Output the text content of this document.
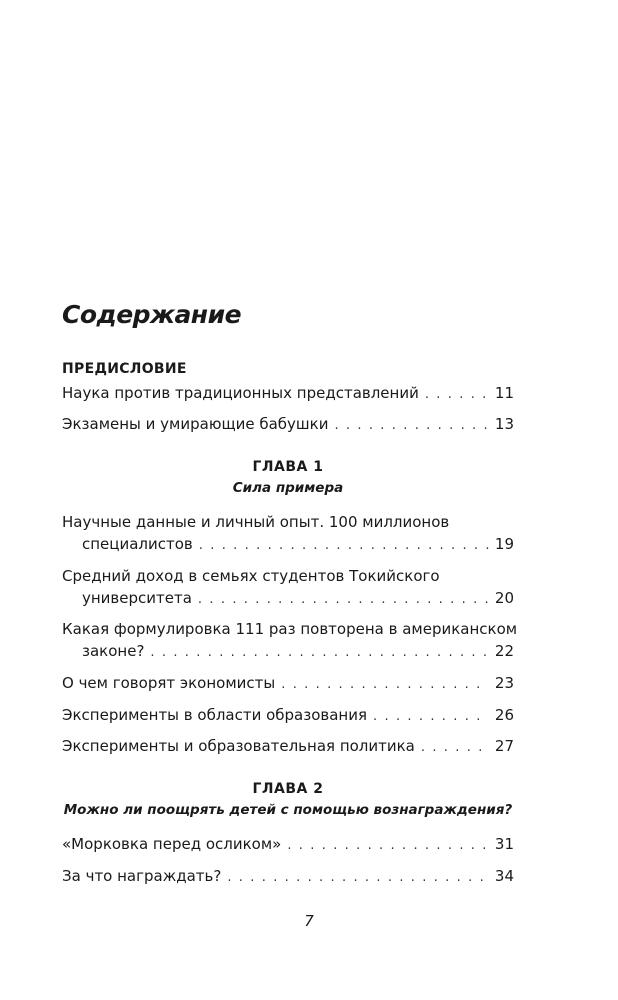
Содержание
ПРЕДИСЛОВИЕ
Наука против традиционных представлений . . .	11
Экзамены и умирающие бабушки . . .	13
ГЛАВА 1
Сила примера
Научные данные и личный опыт. 100 миллионов
специалистов . . .	19
Средний доход в семьях студентов Токийского
университета . . .	20
Какая формулировка 111 раз повторена в американском
законе? . . .	22
О чем говорят экономисты . . .	23
Эксперименты в области образования . . .	26
Эксперименты и образовательная политика . . .	27
ГЛАВА 2
Можно ли поощрять детей с помощью вознаграждения?
«Морковка перед осликом» . . .	31
За что награждать? . . .	34
7
